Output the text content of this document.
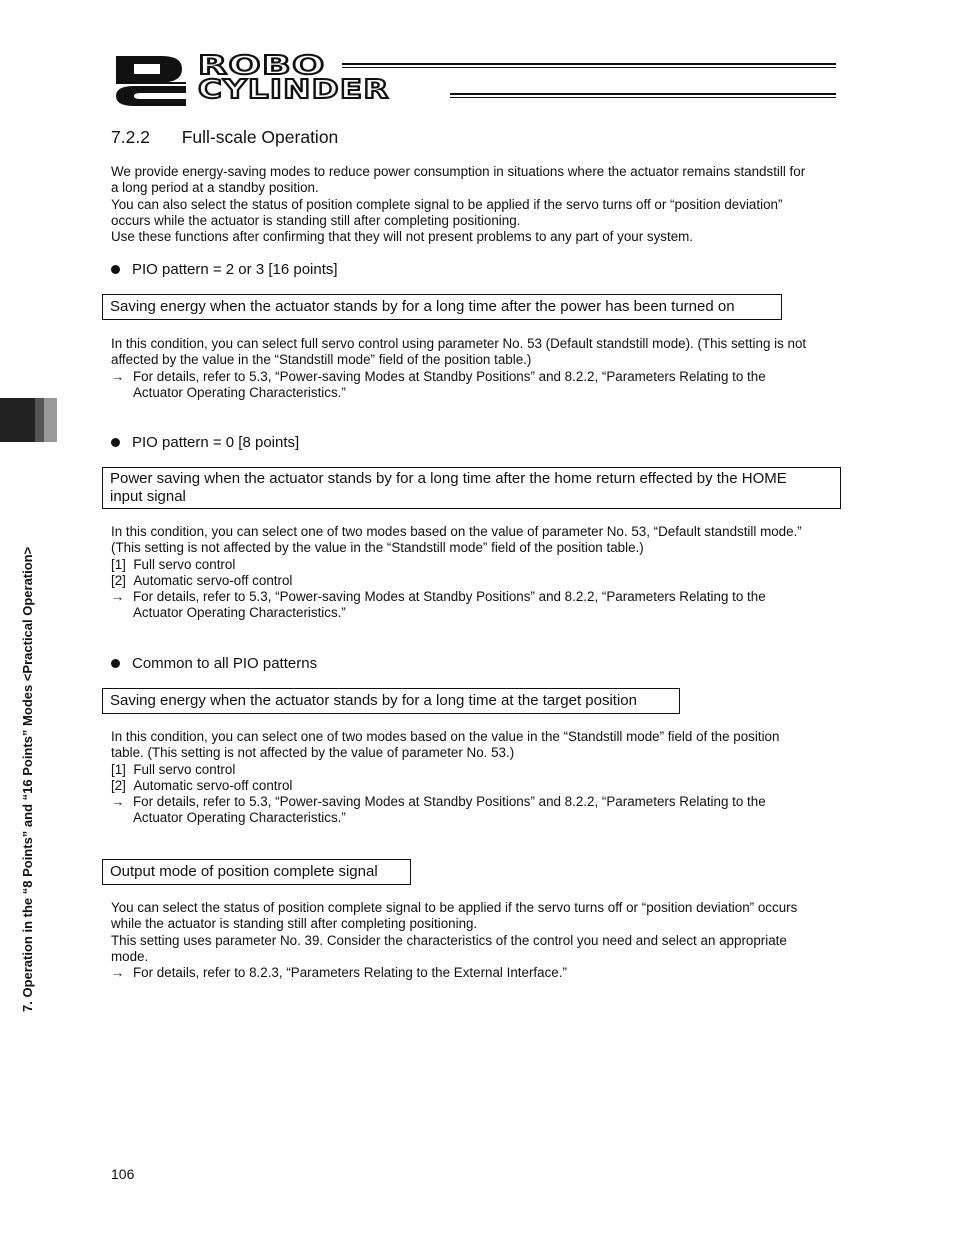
ROBO
CYLINDER
7. Operation in the “8 Points” and “16 Points” Modes <Practical Operation>
7.2.2 Full-scale Operation
We provide energy-saving modes to reduce power consumption in situations where the actuator remains standstill for
a long period at a standby position.
You can also select the status of position complete signal to be applied if the servo turns off or “position deviation”
occurs while the actuator is standing still after completing positioning.
Use these functions after confirming that they will not present problems to any part of your system.
PIO pattern = 2 or 3 [16 points]
Saving energy when the actuator stands by for a long time after the power has been turned on
In this condition, you can select full servo control using parameter No. 53 (Default standstill mode). (This setting is not
affected by the value in the “Standstill mode” field of the position table.)
→ For details, refer to 5.3, “Power-saving Modes at Standby Positions” and 8.2.2, “Parameters Relating to the
Actuator Operating Characteristics.”
PIO pattern = 0 [8 points]
Power saving when the actuator stands by for a long time after the home return effected by the HOME
input signal
In this condition, you can select one of two modes based on the value of parameter No. 53, “Default standstill mode.”
(This setting is not affected by the value in the “Standstill mode” field of the position table.)
[1] Full servo control
[2] Automatic servo-off control
→ For details, refer to 5.3, “Power-saving Modes at Standby Positions” and 8.2.2, “Parameters Relating to the
Actuator Operating Characteristics.”
Common to all PIO patterns
Saving energy when the actuator stands by for a long time at the target position
In this condition, you can select one of two modes based on the value in the “Standstill mode” field of the position
table. (This setting is not affected by the value of parameter No. 53.)
[1] Full servo control
[2] Automatic servo-off control
→ For details, refer to 5.3, “Power-saving Modes at Standby Positions” and 8.2.2, “Parameters Relating to the
Actuator Operating Characteristics.”
Output mode of position complete signal
You can select the status of position complete signal to be applied if the servo turns off or “position deviation” occurs
while the actuator is standing still after completing positioning.
This setting uses parameter No. 39. Consider the characteristics of the control you need and select an appropriate
mode.
→ For details, refer to 8.2.3, “Parameters Relating to the External Interface.”
106
